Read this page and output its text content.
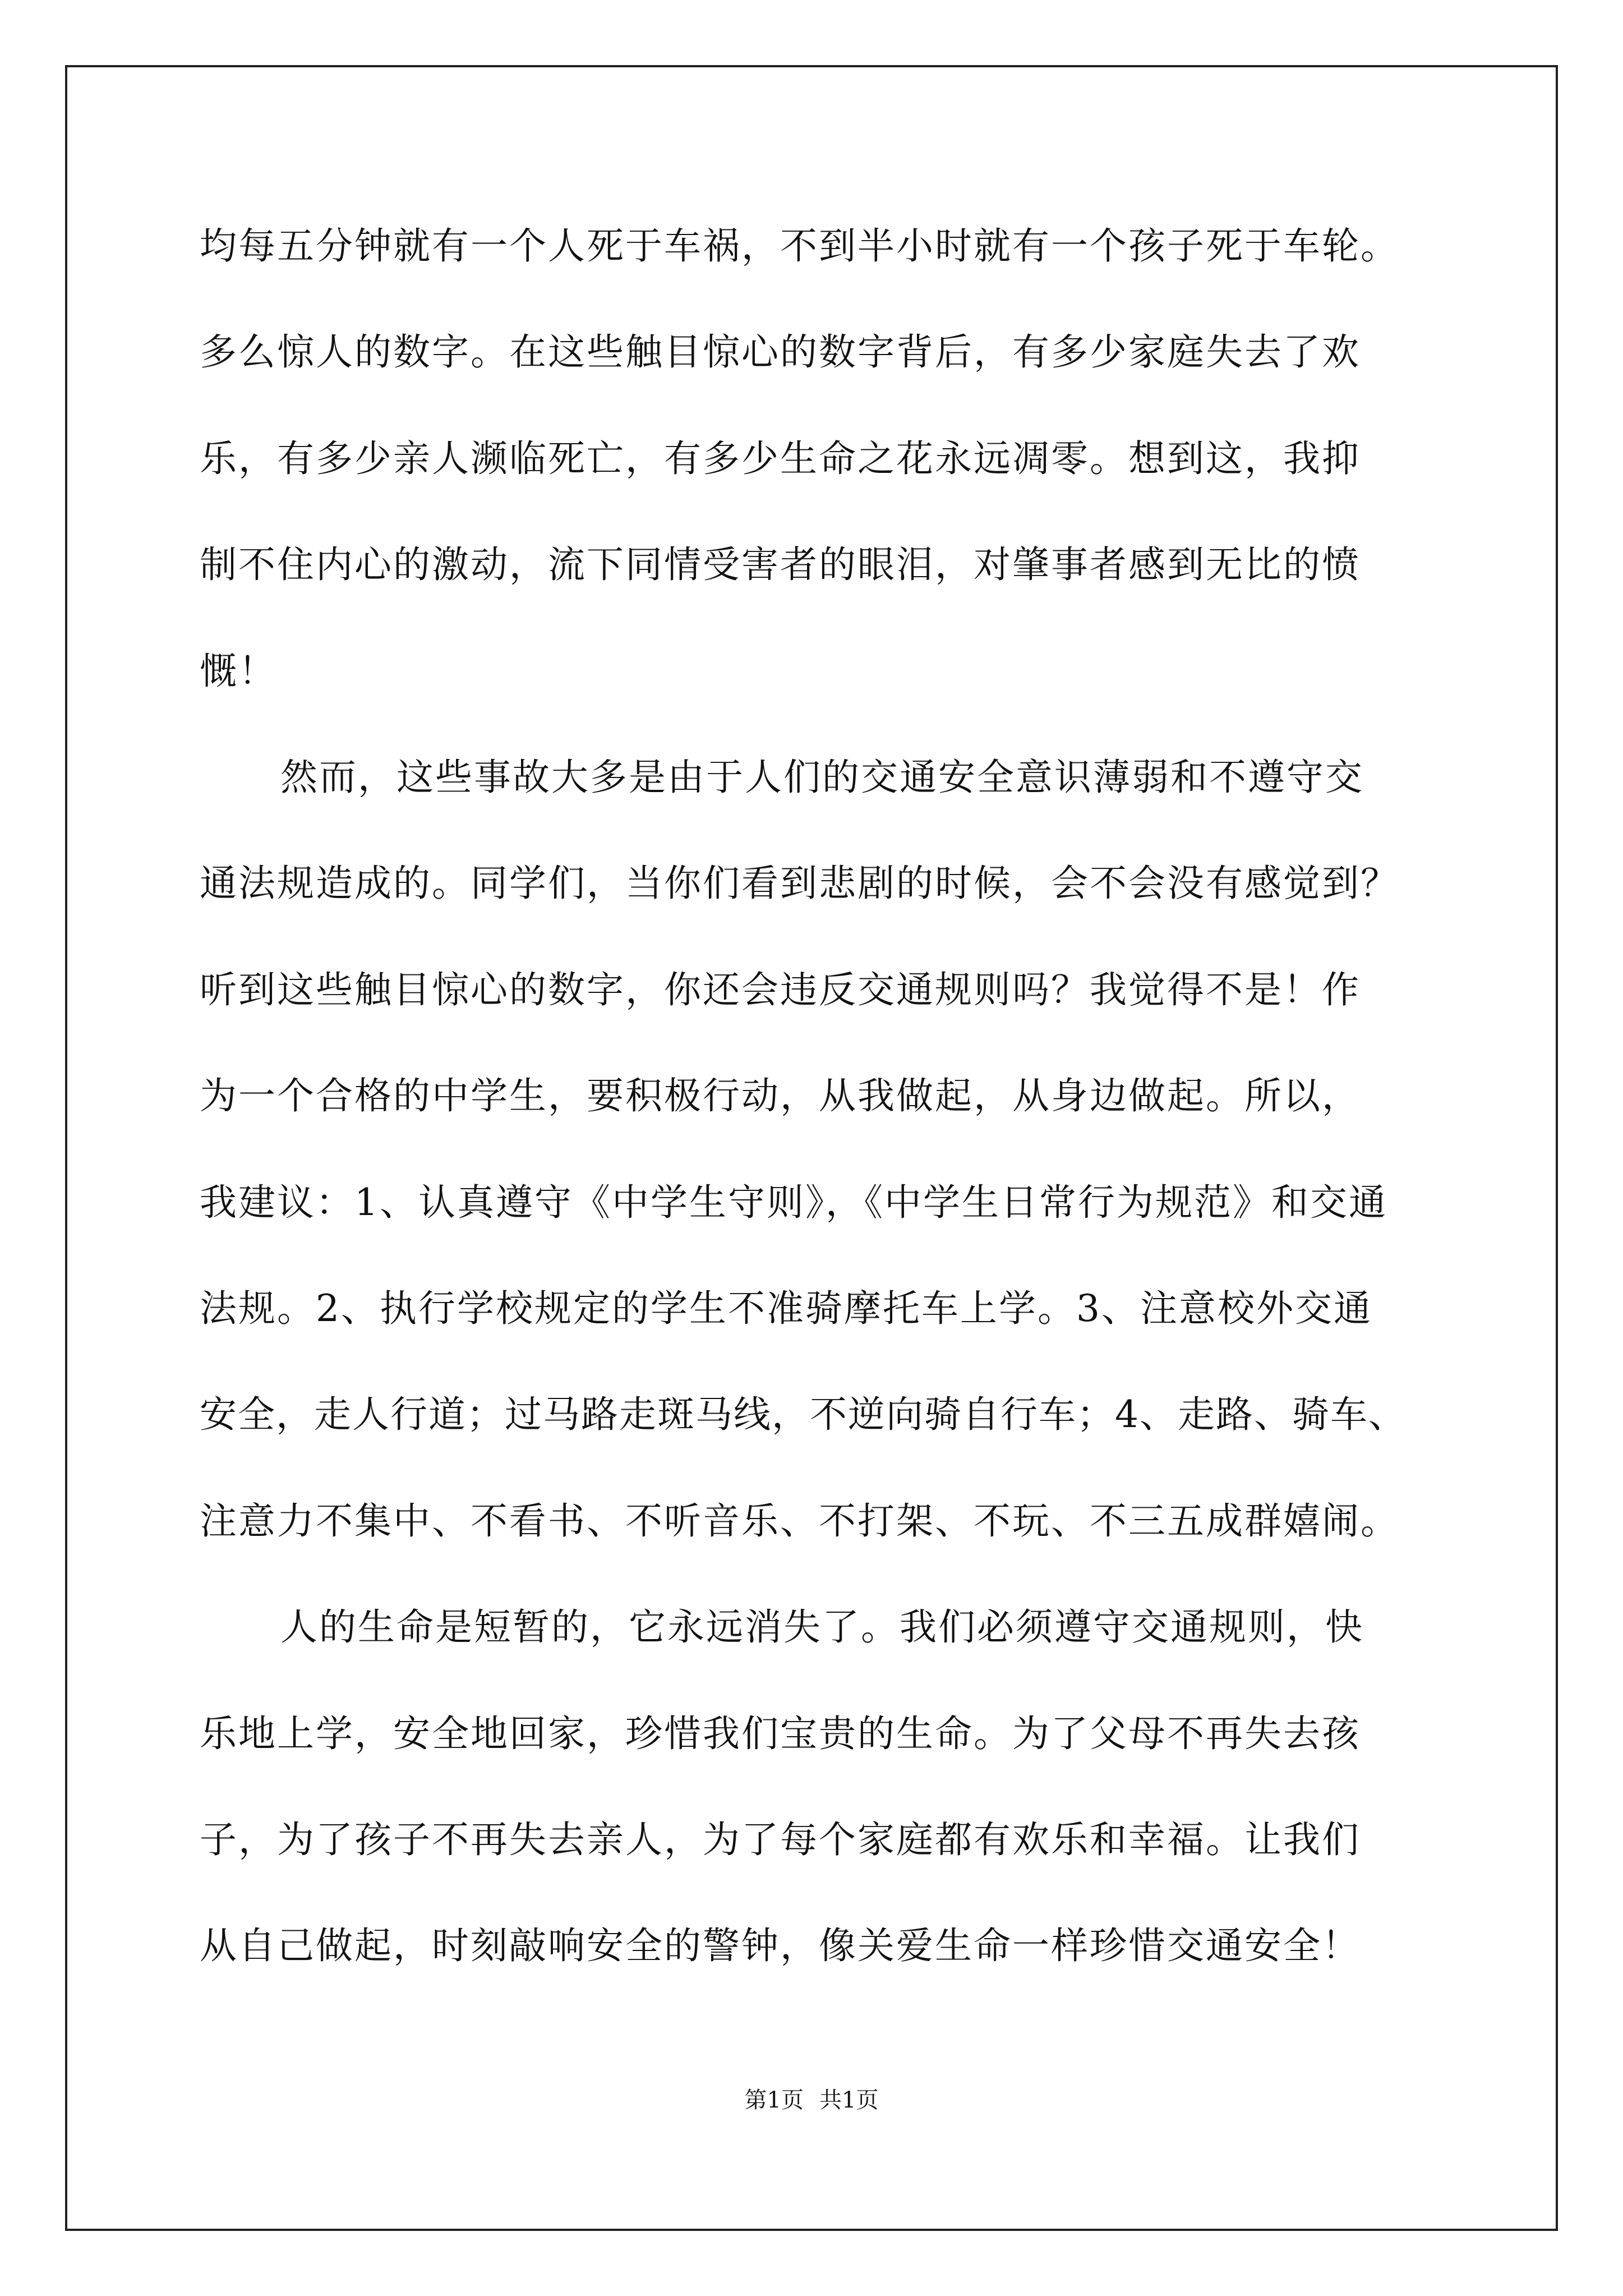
均每五分钟就有一个人死于车祸，不到半小时就有一个孩子死于车轮。
多么惊人的数字。在这些触目惊心的数字背后，有多少家庭失去了欢
乐，有多少亲人濒临死亡，有多少生命之花永远凋零。想到这，我抑
制不住内心的激动，流下同情受害者的眼泪，对肇事者感到无比的愤
慨！
然而，这些事故大多是由于人们的交通安全意识薄弱和不遵守交
通法规造成的。同学们，当你们看到悲剧的时候，会不会没有感觉到？
听到这些触目惊心的数字，你还会违反交通规则吗？我觉得不是！作
为一个合格的中学生，要积极行动，从我做起，从身边做起。所以，
我建议：1、认真遵守《中学生守则》，《中学生日常行为规范》和交通
法规。2、执行学校规定的学生不准骑摩托车上学。3、注意校外交通
安全，走人行道；过马路走斑马线，不逆向骑自行车；4、走路、骑车、
注意力不集中、不看书、不听音乐、不打架、不玩、不三五成群嬉闹。
人的生命是短暂的，它永远消失了。我们必须遵守交通规则，快
乐地上学，安全地回家，珍惜我们宝贵的生命。为了父母不再失去孩
子，为了孩子不再失去亲人，为了每个家庭都有欢乐和幸福。让我们
从自己做起，时刻敲响安全的警钟，像关爱生命一样珍惜交通安全！
第1页 共1页
